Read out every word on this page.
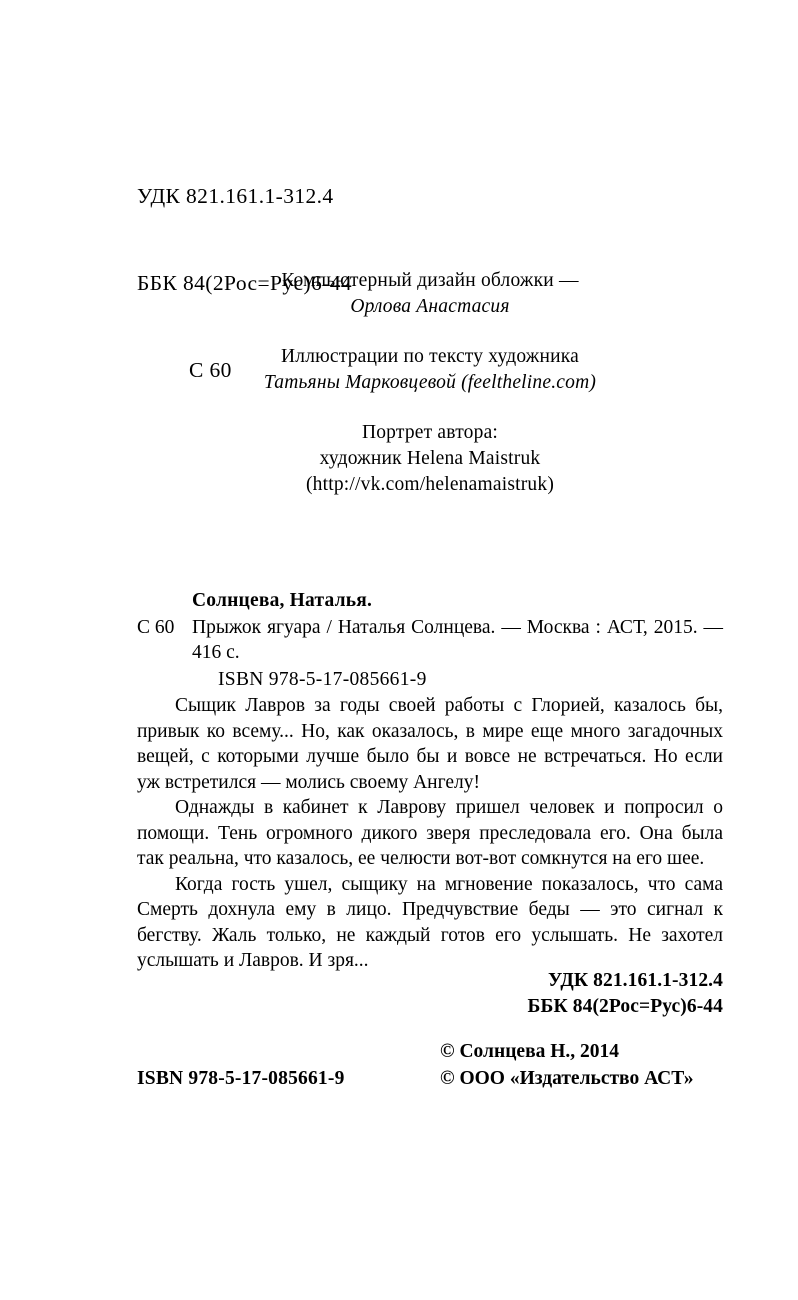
УДК 821.161.1-312.4

ББК 84(2Рос=Рус)6-44

С 60

Компьютерный дизайн обложки —
Орлова Анастасия
Иллюстрации по тексту художника
Татьяны Марковцевой (feeltheline.com)
Портрет автора:
художник Helena Maistruk
(http://vk.com/helenamaistruk)
Солнцева, Наталья.
С 60 Прыжок ягуара / Наталья Солнцева. — Москва : АСТ, 2015. — 416 с.
ISBN 978-5-17-085661-9

Сыщик Лавров за годы своей работы с Глорией, казалось бы, привык ко всему... Но, как оказалось, в мире еще много загадочных вещей, с которыми лучше было бы и вовсе не встречаться. Но если уж встретился — молись своему Ангелу!

Однажды в кабинет к Лаврову пришел человек и попросил о помощи. Тень огромного дикого зверя преследовала его. Она была так реальна, что казалось, ее челюсти вот-вот сомкнутся на его шее.

Когда гость ушел, сыщику на мгновение показалось, что сама Смерть дохнула ему в лицо. Предчувствие беды — это сигнал к бегству. Жаль только, не каждый готов его услышать. Не захотел услышать и Лавров. И зря...

УДК 821.161.1-312.4
ББК 84(2Рос=Рус)6-44
© Солнцева Н., 2014
ISBN 978-5-17-085661-9	© ООО «Издательство АСТ»
